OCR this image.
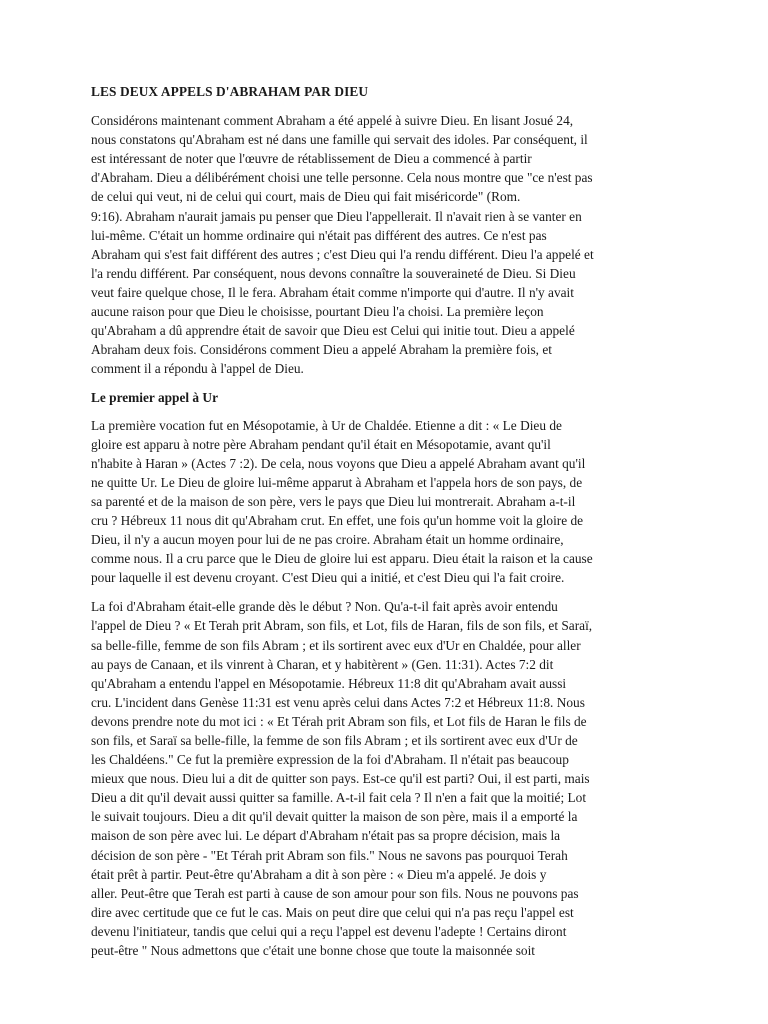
LES DEUX APPELS D'ABRAHAM PAR DIEU
Considérons maintenant comment Abraham a été appelé à suivre Dieu. En lisant Josué 24,
nous constatons qu'Abraham est né dans une famille qui servait des idoles. Par conséquent, il
est intéressant de noter que l'œuvre de rétablissement de Dieu a commencé à partir
d'Abraham. Dieu a délibérément choisi une telle personne. Cela nous montre que "ce n'est pas
de celui qui veut, ni de celui qui court, mais de Dieu qui fait miséricorde" (Rom.
9:16). Abraham n'aurait jamais pu penser que Dieu l'appellerait. Il n'avait rien à se vanter en
lui-même. C'était un homme ordinaire qui n'était pas différent des autres. Ce n'est pas
Abraham qui s'est fait différent des autres ; c'est Dieu qui l'a rendu différent. Dieu l'a appelé et
l'a rendu différent. Par conséquent, nous devons connaître la souveraineté de Dieu. Si Dieu
veut faire quelque chose, Il le fera. Abraham était comme n'importe qui d'autre. Il n'y avait
aucune raison pour que Dieu le choisisse, pourtant Dieu l'a choisi. La première leçon
qu'Abraham a dû apprendre était de savoir que Dieu est Celui qui initie tout. Dieu a appelé
Abraham deux fois. Considérons comment Dieu a appelé Abraham la première fois, et
comment il a répondu à l'appel de Dieu.
Le premier appel à Ur
La première vocation fut en Mésopotamie, à Ur de Chaldée. Etienne a dit : « Le Dieu de
gloire est apparu à notre père Abraham pendant qu'il était en Mésopotamie, avant qu'il
n'habite à Haran » (Actes 7 :2). De cela, nous voyons que Dieu a appelé Abraham avant qu'il
ne quitte Ur. Le Dieu de gloire lui-même apparut à Abraham et l'appela hors de son pays, de
sa parenté et de la maison de son père, vers le pays que Dieu lui montrerait. Abraham a-t-il
cru ? Hébreux 11 nous dit qu'Abraham crut. En effet, une fois qu'un homme voit la gloire de
Dieu, il n'y a aucun moyen pour lui de ne pas croire. Abraham était un homme ordinaire,
comme nous. Il a cru parce que le Dieu de gloire lui est apparu. Dieu était la raison et la cause
pour laquelle il est devenu croyant. C'est Dieu qui a initié, et c'est Dieu qui l'a fait croire.
La foi d'Abraham était-elle grande dès le début ? Non. Qu'a-t-il fait après avoir entendu
l'appel de Dieu ? « Et Terah prit Abram, son fils, et Lot, fils de Haran, fils de son fils, et Saraï,
sa belle-fille, femme de son fils Abram ; et ils sortirent avec eux d'Ur en Chaldée, pour aller
au pays de Canaan, et ils vinrent à Charan, et y habitèrent » (Gen. 11:31). Actes 7:2 dit
qu'Abraham a entendu l'appel en Mésopotamie. Hébreux 11:8 dit qu'Abraham avait aussi
cru. L'incident dans Genèse 11:31 est venu après celui dans Actes 7:2 et Hébreux 11:8. Nous
devons prendre note du mot ici : « Et Térah prit Abram son fils, et Lot fils de Haran le fils de
son fils, et Saraï sa belle-fille, la femme de son fils Abram ; et ils sortirent avec eux d'Ur de
les Chaldéens." Ce fut la première expression de la foi d'Abraham. Il n'était pas beaucoup
mieux que nous. Dieu lui a dit de quitter son pays. Est-ce qu'il est parti? Oui, il est parti, mais
Dieu a dit qu'il devait aussi quitter sa famille. A-t-il fait cela ? Il n'en a fait que la moitié; Lot
le suivait toujours. Dieu a dit qu'il devait quitter la maison de son père, mais il a emporté la
maison de son père avec lui. Le départ d'Abraham n'était pas sa propre décision, mais la
décision de son père - "Et Térah prit Abram son fils." Nous ne savons pas pourquoi Terah
était prêt à partir. Peut-être qu'Abraham a dit à son père : « Dieu m'a appelé. Je dois y
aller. Peut-être que Terah est parti à cause de son amour pour son fils. Nous ne pouvons pas
dire avec certitude que ce fut le cas. Mais on peut dire que celui qui n'a pas reçu l'appel est
devenu l'initiateur, tandis que celui qui a reçu l'appel est devenu l'adepte ! Certains diront
peut-être " Nous admettons que c'était une bonne chose que toute la maisonnée soit
